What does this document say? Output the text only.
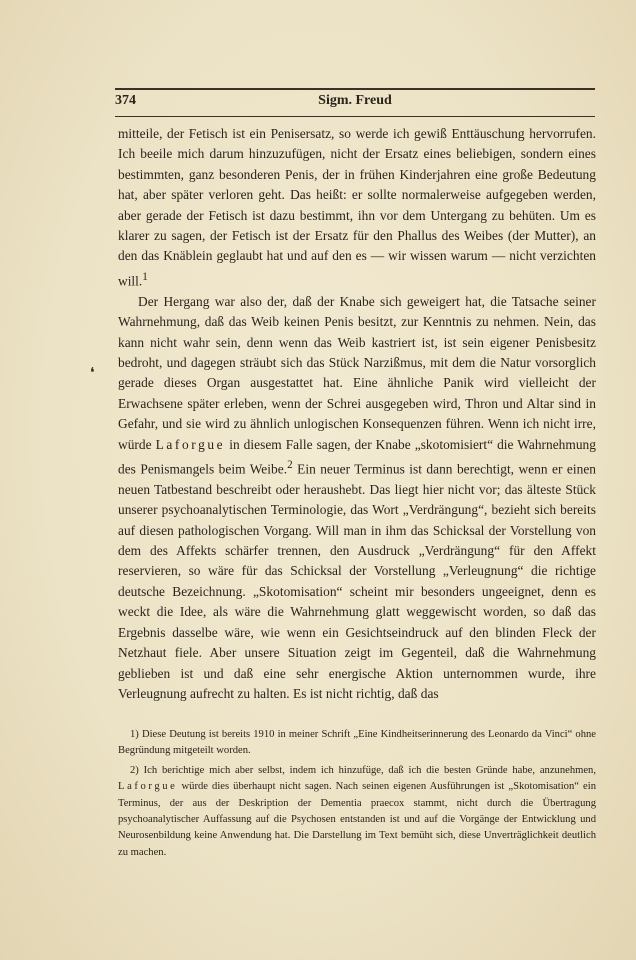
374	Sigm. Freud
❛

mitteile, der Fetisch ist ein Penisersatz, so werde ich gewiß Enttäuschung hervorrufen. Ich beeile mich darum hinzuzufügen, nicht der Ersatz eines beliebigen, sondern eines bestimmten, ganz besonderen Penis, der in frühen Kinderjahren eine große Bedeutung hat, aber später verloren geht. Das heißt: er sollte normalerweise aufgegeben werden, aber gerade der Fetisch ist dazu bestimmt, ihn vor dem Untergang zu behüten. Um es klarer zu sagen, der Fetisch ist der Ersatz für den Phallus des Weibes (der Mutter), an den das Knäblein geglaubt hat und auf den es — wir wissen warum — nicht verzichten will.$^1$

Der Hergang war also der, daß der Knabe sich geweigert hat, die Tatsache seiner Wahrnehmung, daß das Weib keinen Penis besitzt, zur Kenntnis zu nehmen. Nein, das kann nicht wahr sein, denn wenn das Weib kastriert ist, ist sein eigener Penisbesitz bedroht, und dagegen sträubt sich das Stück Narzißmus, mit dem die Natur vorsorglich gerade dieses Organ ausgestattet hat. Eine ähnliche Panik wird vielleicht der Erwachsene später erleben, wenn der Schrei ausgegeben wird, Thron und Altar sind in Gefahr, und sie wird zu ähnlich unlogischen Konsequenzen führen. Wenn ich nicht irre, würde Laforgue in diesem Falle sagen, der Knabe „skotomisiert“ die Wahrnehmung des Penismangels beim Weibe.$^2$ Ein neuer Terminus ist dann berechtigt, wenn er einen neuen Tatbestand beschreibt oder heraushebt. Das liegt hier nicht vor; das älteste Stück unserer psychoanalytischen Terminologie, das Wort „Verdrängung“, bezieht sich bereits auf diesen pathologischen Vorgang. Will man in ihm das Schicksal der Vorstellung von dem des Affekts schärfer trennen, den Ausdruck „Verdrängung“ für den Affekt reservieren, so wäre für das Schicksal der Vorstellung „Verleugnung“ die richtige deutsche Bezeichnung. „Skotomisation“ scheint mir besonders ungeeignet, denn es weckt die Idee, als wäre die Wahrnehmung glatt weggewischt worden, so daß das Ergebnis dasselbe wäre, wie wenn ein Gesichtseindruck auf den blinden Fleck der Netzhaut fiele. Aber unsere Situation zeigt im Gegenteil, daß die Wahrnehmung geblieben ist und daß eine sehr energische Aktion unternommen wurde, ihre Verleugnung aufrecht zu halten. Es ist nicht richtig, daß das

1) Diese Deutung ist bereits 1910 in meiner Schrift „Eine Kindheitserinnerung des Leonardo da Vinci“ ohne Begründung mitgeteilt worden.

2) Ich berichtige mich aber selbst, indem ich hinzufüge, daß ich die besten Gründe habe, anzunehmen, Laforgue würde dies überhaupt nicht sagen. Nach seinen eigenen Ausführungen ist „Skotomisation“ ein Terminus, der aus der Deskription der Dementia praecox stammt, nicht durch die Übertragung psychoanalytischer Auffassung auf die Psychosen entstanden ist und auf die Vorgänge der Entwicklung und Neurosenbildung keine Anwendung hat. Die Darstellung im Text bemüht sich, diese Unverträglichkeit deutlich zu machen.
